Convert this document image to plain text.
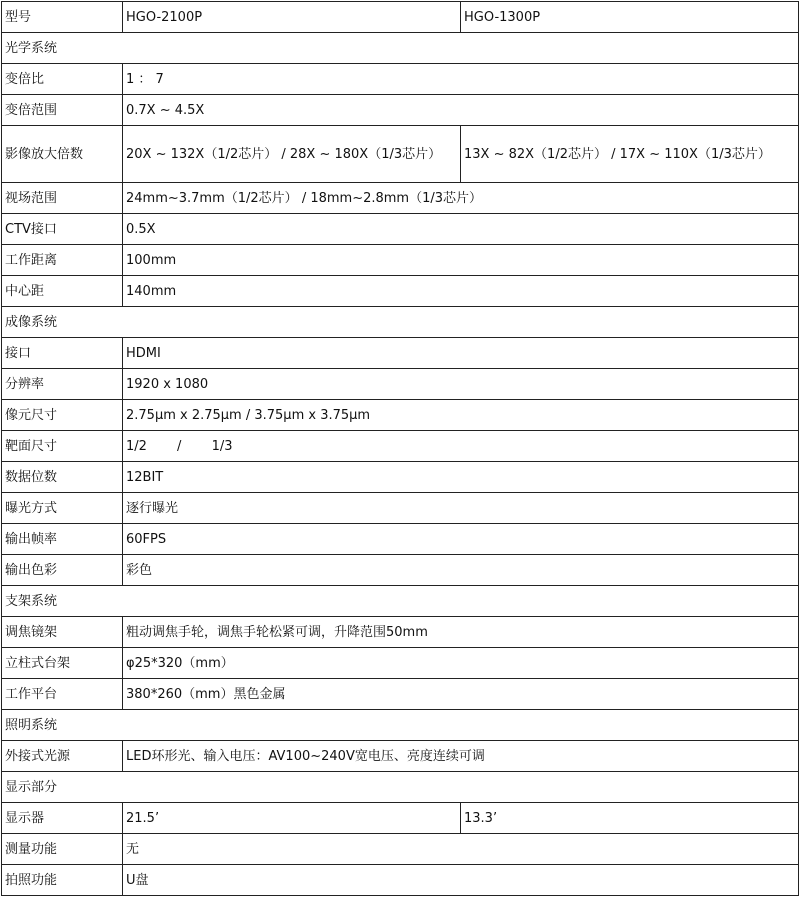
型号	HGO-2100P	HGO-1300P
光学系统		
变倍比	1 ： 7	
变倍范围	0.7X ~ 4.5X	
影像放大倍数	20X ~ 132X（1/2芯片） / 28X ~ 180X（1/3芯片）	13X ~ 82X（1/2芯片） / 17X ~ 110X（1/3芯片）
视场范围	24mm~3.7mm（1/2芯片） / 18mm~2.8mm（1/3芯片）	
CTV接口	0.5X	
工作距离	100mm	
中心距	140mm	
成像系统		
接口	HDMI	
分辨率	1920 x 1080	
像元尺寸	2.75μm x 2.75μm / 3.75μm x 3.75μm	
靶面尺寸	1/2　　 /　　 1/3	
数据位数	12BIT	
曝光方式	逐行曝光	
输出帧率	60FPS	
输出色彩	彩色	
支架系统		
调焦镜架	粗动调焦手轮，调焦手轮松紧可调，升降范围50mm	
立柱式台架	φ25*320（mm）	
工作平台	380*260（mm）黑色金属	
照明系统		
外接式光源	LED环形光、输入电压：AV100~240V宽电压、亮度连续可调	
显示部分		
显示器	21.5’	13.3’
测量功能	无	
拍照功能	U盘	
